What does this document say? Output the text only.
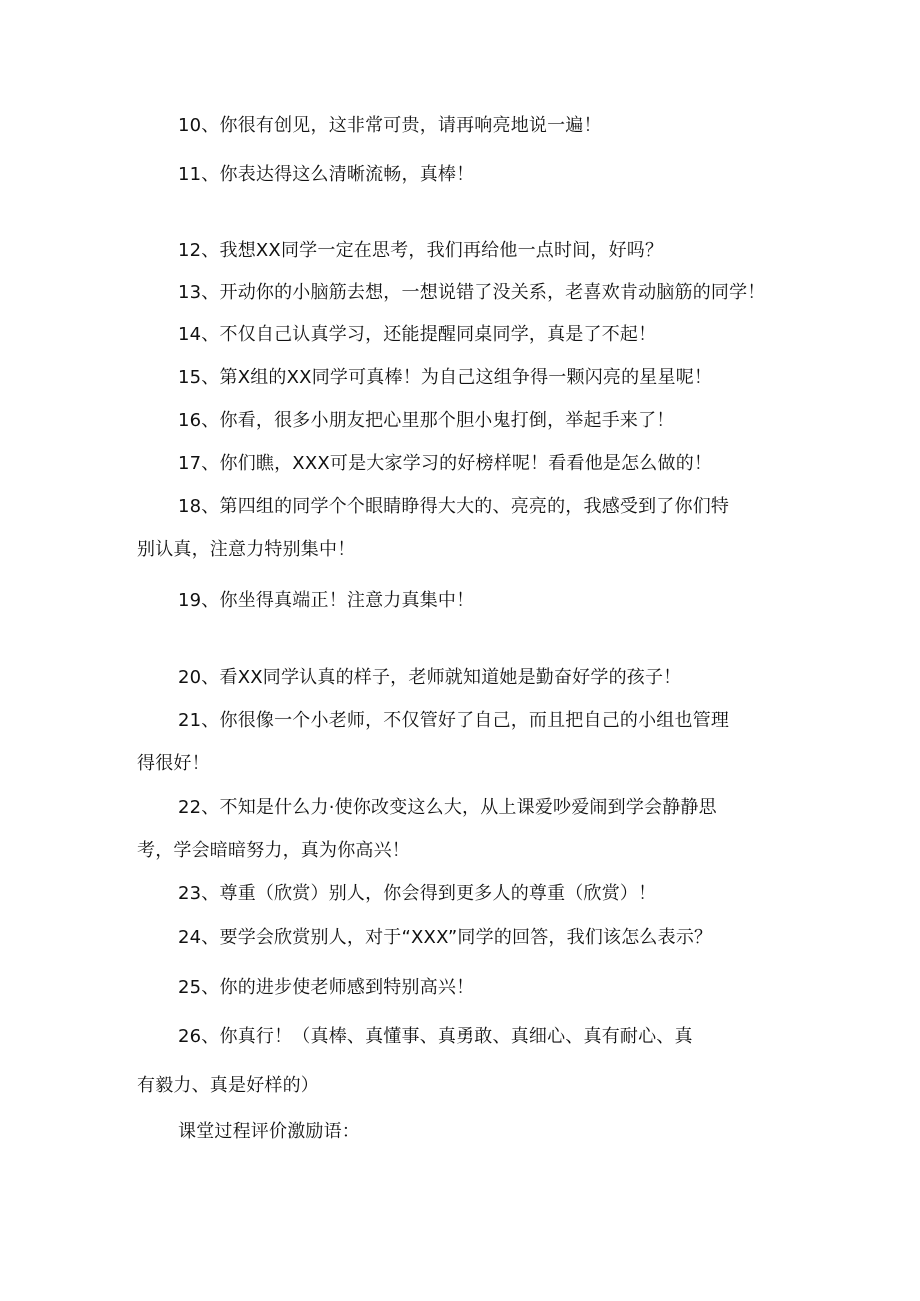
10、你很有创见，这非常可贵，请再响亮地说一遍！

11、你表达得这么清晰流畅，真棒！

12、我想XX同学一定在思考，我们再给他一点时间，好吗？

13、开动你的小脑筋去想，一想说错了没关系，老喜欢肯动脑筋的同学！

14、不仅自己认真学习，还能提醒同桌同学，真是了不起！

15、第X组的XX同学可真棒！为自己这组争得一颗闪亮的星星呢！

16、你看，很多小朋友把心里那个胆小鬼打倒，举起手来了！

17、你们瞧，XXX可是大家学习的好榜样呢！看看他是怎么做的！

18、第四组的同学个个眼睛睁得大大的、亮亮的，我感受到了你们特

别认真，注意力特别集中！

19、你坐得真端正！注意力真集中！

20、看XX同学认真的样子，老师就知道她是勤奋好学的孩子！

21、你很像一个小老师，不仅管好了自己，而且把自己的小组也管理

得很好！

22、不知是什么力·使你改变这么大，从上课爱吵爱闹到学会静静思

考，学会暗暗努力，真为你高兴！

23、尊重（欣赏）别人，你会得到更多人的尊重（欣赏）！

24、要学会欣赏别人，对于“XXX”同学的回答，我们该怎么表示？

25、你的进步使老师感到特别高兴！

26、你真行！（真棒、真懂事、真勇敢、真细心、真有耐心、真

有毅力、真是好样的）

课堂过程评价激励语：
